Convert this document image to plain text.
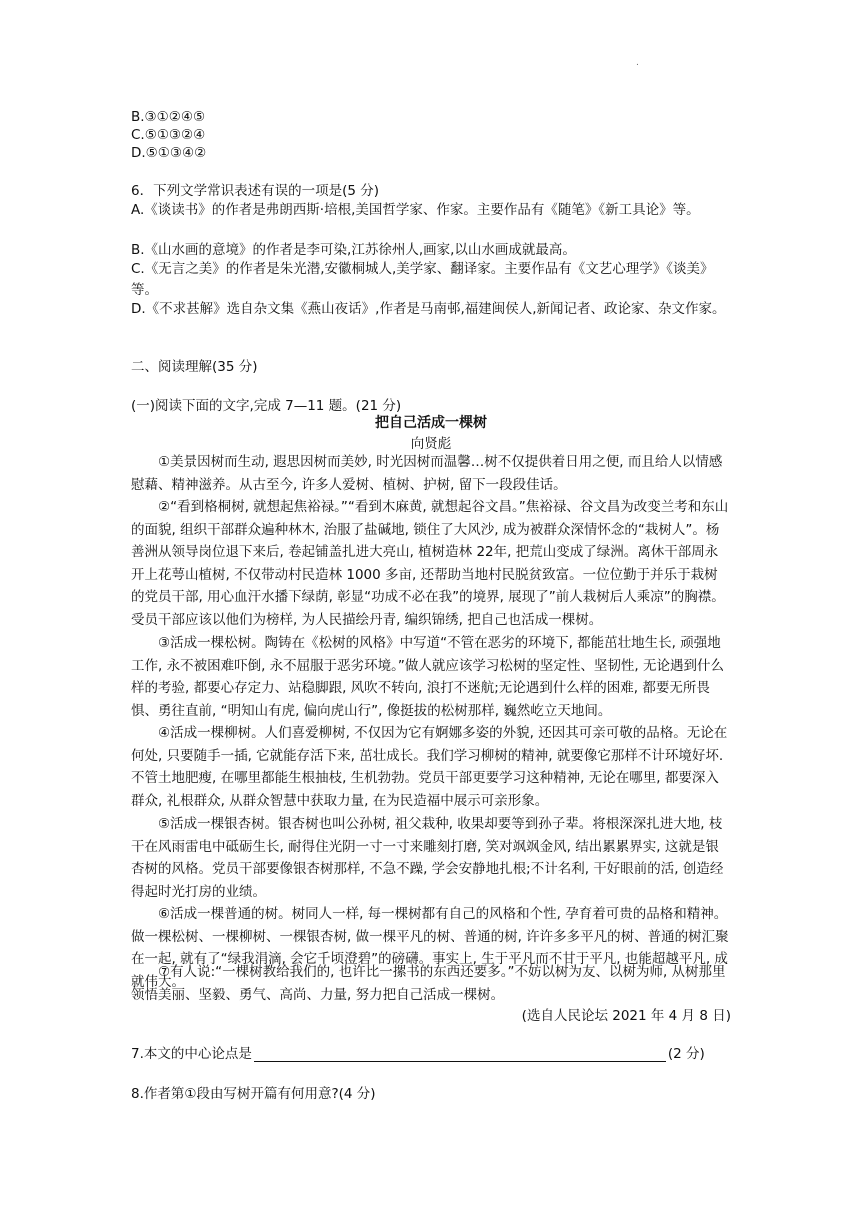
.
B.③①②④⑤
C.⑤①③②④
D.⑤①③④②
6．下列文学常识表述有误的一项是(5 分)

A.《谈读书》的作者是弗朗西斯·培根,美国哲学家、作家。主要作品有《随笔》《新工具论》等。

B.《山水画的意境》的作者是李可染,江苏徐州人,画家,以山水画成就最高。

C.《无言之美》的作者是朱光潜,安徽桐城人,美学家、翻译家。主要作品有《文艺心理学》《谈美》等。

D.《不求甚解》选自杂文集《燕山夜话》,作者是马南邨,福建闽侯人,新闻记者、政论家、杂文作家。

二、阅读理解(35 分)
(一)阅读下面的文字,完成 7—11 题。(21 分)
把自己活成一棵树
向贤彪

①美景因树而生动, 遐思因树而美妙, 时光因树而温馨…树不仅提供着日用之便, 而且给人以情感慰藉、精神滋养。从古至今, 许多人爱树、植树、护树, 留下一段段佳话。

②“看到格桐树, 就想起焦裕禄。”“看到木麻黄, 就想起谷文昌。”焦裕禄、谷文昌为改变兰考和东山的面貌, 组织干部群众遍种林木, 治服了盐碱地, 锁住了大风沙, 成为被群众深情怀念的“栽树人”。杨善洲从领导岗位退下来后, 卷起铺盖扎进大亮山, 植树造林 22年, 把荒山变成了绿洲。离休干部周永开上花萼山植树, 不仅带动村民造林 1000 多亩, 还帮助当地村民脱贫致富。一位位勤于并乐于栽树的党员干部, 用心血汗水播下绿荫, 彰显“功成不必在我”的境界, 展现了”前人栽树后人乘凉”的胸襟。受员干部应该以他们为榜样, 为人民描绘丹青, 编织锦绣, 把自己也活成一棵树。

③活成一棵松树。陶铸在《松树的风格》中写道“不管在恶劣的环境下, 都能茁壮地生长, 顽强地工作, 永不被困难吓倒, 永不屈服于恶劣环境。”做人就应该学习松树的坚定性、坚韧性, 无论遇到什么样的考验, 都要心存定力、站稳脚跟, 风吹不转向, 浪打不迷航;无论遇到什么样的困难, 都要无所畏惧、勇往直前, “明知山有虎, 偏向虎山行”, 像挺拔的松树那样, 巍然屹立天地间。

④活成一棵柳树。人们喜爱柳树, 不仅因为它有婀娜多姿的外貌, 还因其可亲可敬的品格。无论在何处, 只要随手一插, 它就能存活下来, 茁壮成长。我们学习柳树的精神, 就要像它那样不计环境好坏. 不管土地肥瘦, 在哪里都能生根抽枝, 生机勃勃。党员干部更要学习这种精神, 无论在哪里, 都要深入群众, 礼根群众, 从群众智慧中获取力量, 在为民造福中展示可亲形象。

⑤活成一棵银杏树。银杏树也叫公孙树, 祖父栽种, 收果却要等到孙子辈。将根深深扎进大地, 枝干在风雨雷电中砥砺生长, 耐得住光阴一寸一寸来雕刻打磨, 笑对飒飒金风, 结出累累界实, 这就是银杏树的风格。党员干部要像银杏树那样, 不急不躁, 学会安静地扎根;不计名利, 干好眼前的活, 创造经得起时光打房的业绩。

⑥活成一棵普通的树。树同人一样, 每一棵树都有自己的风格和个性, 孕育着可贵的品格和精神。做一棵松树、一棵柳树、一棵银杏树, 做一棵平凡的树、普通的树, 许许多多平凡的树、普通的树汇聚在一起, 就有了“绿我涓滴, 会它千顷澄碧”的磅礴。事实上, 生于平凡而不甘于平凡, 也能超越平凡, 成就伟大。

⑦有人说:“一棵树教给我们的, 也许比一摞书的东西还要多。”不妨以树为友、以树为师, 从树那里领悟美丽、坚毅、勇气、高尚、力量, 努力把自己活成一棵树。

(选自人民论坛 2021 年 4 月 8 日)
7.本文的中心论点是	(2 分)
8.作者第①段由写树开篇有何用意?(4 分)
